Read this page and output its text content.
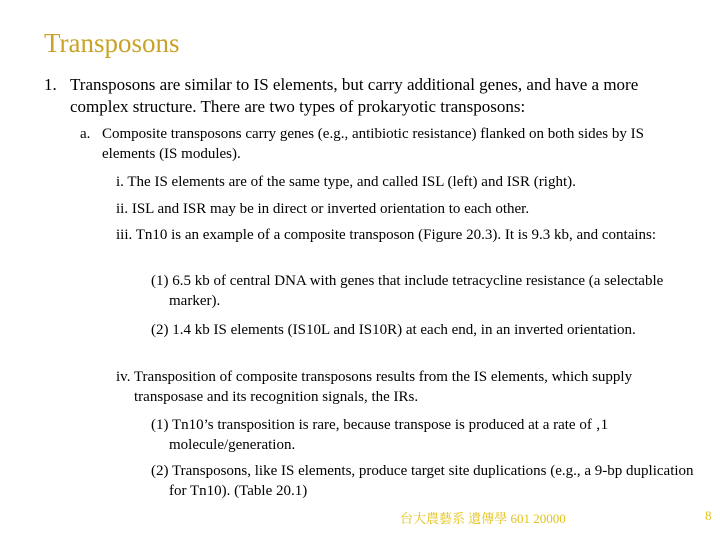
Transposons
1. Transposons are similar to IS elements, but carry additional genes, and have a more complex structure. There are two types of prokaryotic transposons:
a. Composite transposons carry genes (e.g., antibiotic resistance) flanked on both sides by IS elements (IS modules).
i. The IS elements are of the same type, and called ISL (left) and ISR (right).
ii. ISL and ISR may be in direct or inverted orientation to each other.
iii. Tn10 is an example of a composite transposon (Figure 20.3). It is 9.3 kb, and contains:
(1) 6.5 kb of central DNA with genes that include tetracycline resistance (a selectable marker).
(2) 1.4 kb IS elements (IS10L and IS10R) at each end, in an inverted orientation.
iv. Transposition of composite transposons results from the IS elements, which supply transposase and its recognition signals, the IRs.
(1) Tn10’s transposition is rare, because transpose is produced at a rate of ‚1 molecule/generation.
(2) Transposons, like IS elements, produce target site duplications (e.g., a 9-bp duplication for Tn10). (Table 20.1)
台大農藝系 遺傳學 601 20000	8
